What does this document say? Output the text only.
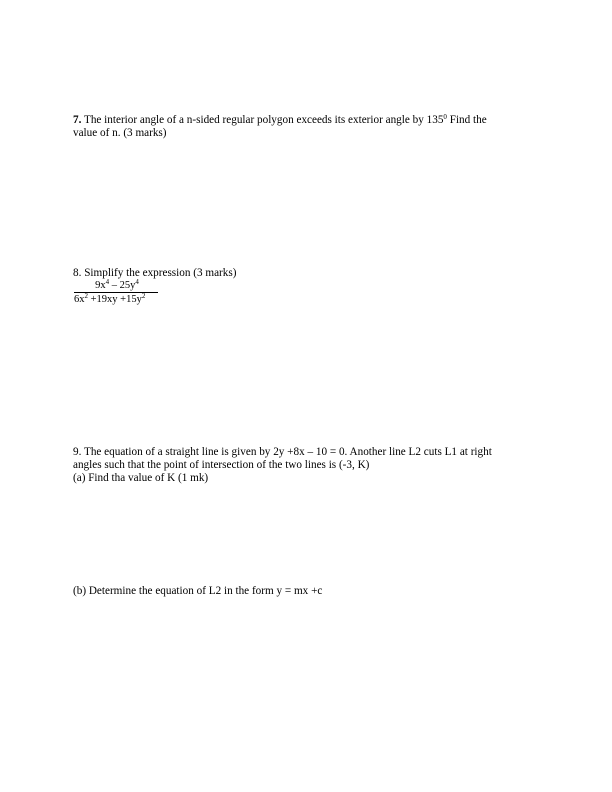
7. The interior angle of a n-sided regular polygon exceeds its exterior angle by $135^0$ Find the
value of n. (3 marks)
8. Simplify the expression (3 marks)
$9x^4 - 25y^4$
$6x^2 +19xy +15y^2$
9. The equation of a straight line is given by 2y +8x – 10 = 0. Another line L2 cuts L1 at right
angles such that the point of intersection of the two lines is (-3, K)
(a) Find tha value of K (1 mk)
(b) Determine the equation of L2 in the form y = mx +c
